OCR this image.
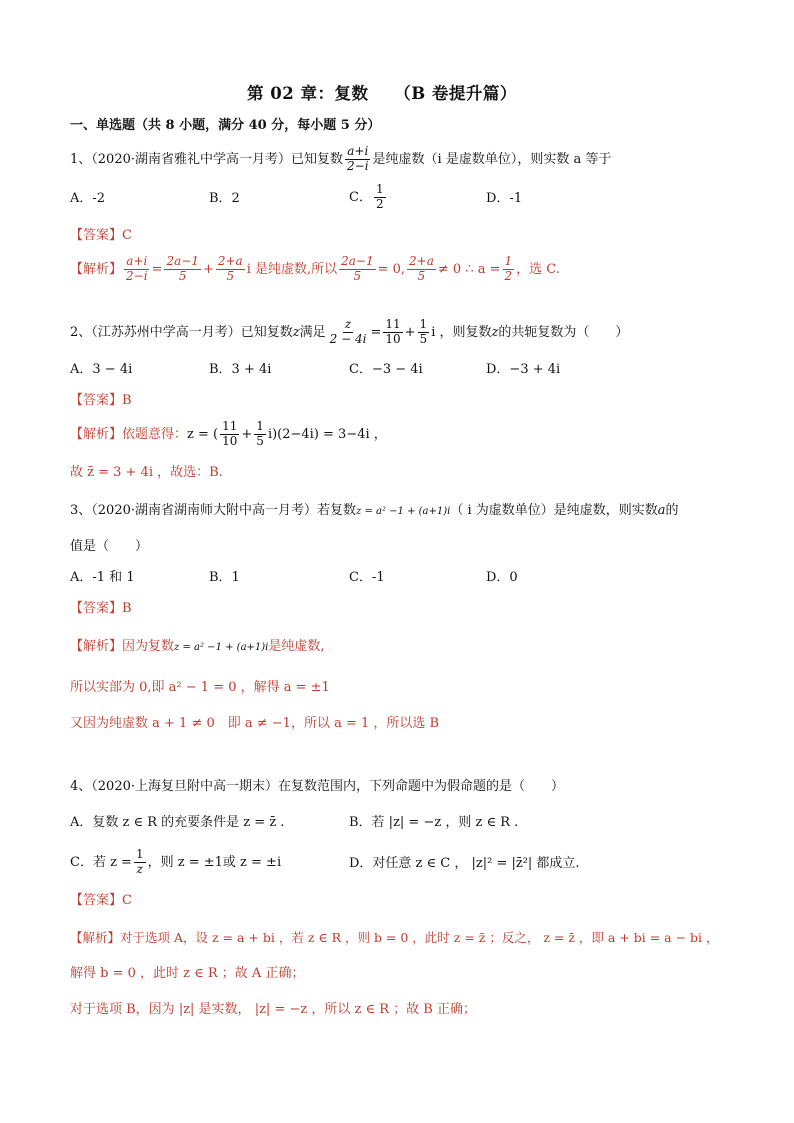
第 02 章：复数　　（B 卷提升篇）
一、单选题（共 8 小题，满分 40 分，每小题 5 分）
1、（2020·湖南省雅礼中学高一月考）已知复数 $\frac{a+i}{2-i}$ 是纯虚数（i 是虚数单位），则实数 a 等于
A．-2	B．2	C． $\frac{1}{2}$	D．-1
【答案】C
【解析】 $\frac{a+i}{2-i} = \frac{2a-1}{5} + \frac{2+a}{5}$ i 是纯虚数,所以 $\frac{2a-1}{5} = 0$, $\frac{2+a}{5} \ne 0$ ∴ $a = \frac{1}{2}$ ，选 C.
2、（江苏苏州中学高一月考）已知复数z满足 $\frac{z}{2 - 4i} = \frac{11}{10} + \frac{1}{5}$ i ，则复数z的共轭复数为（　　）
A．3 − 4i	B．3 + 4i	C．−3 − 4i	D．−3 + 4i
【答案】B
【解析】依题意得：z = ( $\frac{11}{10} + \frac{1}{5} i)(2-4i) = 3-4i$ ，
故 z̄ = 3 + 4i ，故选：B.
3、（2020·湖南省湖南师大附中高一月考）若复数z = a² −1 + (a+1)i（ i 为虚数单位）是纯虚数，则实数a的
值是（　　）
A．-1 和 1	B．1	C．-1	D．0
【答案】B
【解析】因为复数z = a² −1 + (a+1)i是纯虚数,
所以实部为 0,即 a² − 1 = 0 ，解得 a = ±1
又因为纯虚数 a + 1 ≠ 0　即 a ≠ −1，所以 a = 1 ，所以选 B
4、（2020·上海复旦附中高一期末）在复数范围内，下列命题中为假命题的是（　　）
A．复数 z ∈ R 的充要条件是 z = z̄ .	B．若 |z| = −z ，则 z ∈ R .
C．若 $z = \frac{1}{z}$ ，则 z = ±1或 z = ±i	D．对任意 z ∈ C ， |z|² = |z̄²| 都成立.
【答案】C
【解析】对于选项 A，设 z = a + bi ，若 z ∈ R ，则 b = 0 ，此时 z = z̄ ；反之， z = z̄ ，即 a + bi = a − bi ，
解得 b = 0 ，此时 z ∈ R ；故 A 正确；
对于选项 B，因为 |z| 是实数， |z| = −z ，所以 z ∈ R ；故 B 正确；
